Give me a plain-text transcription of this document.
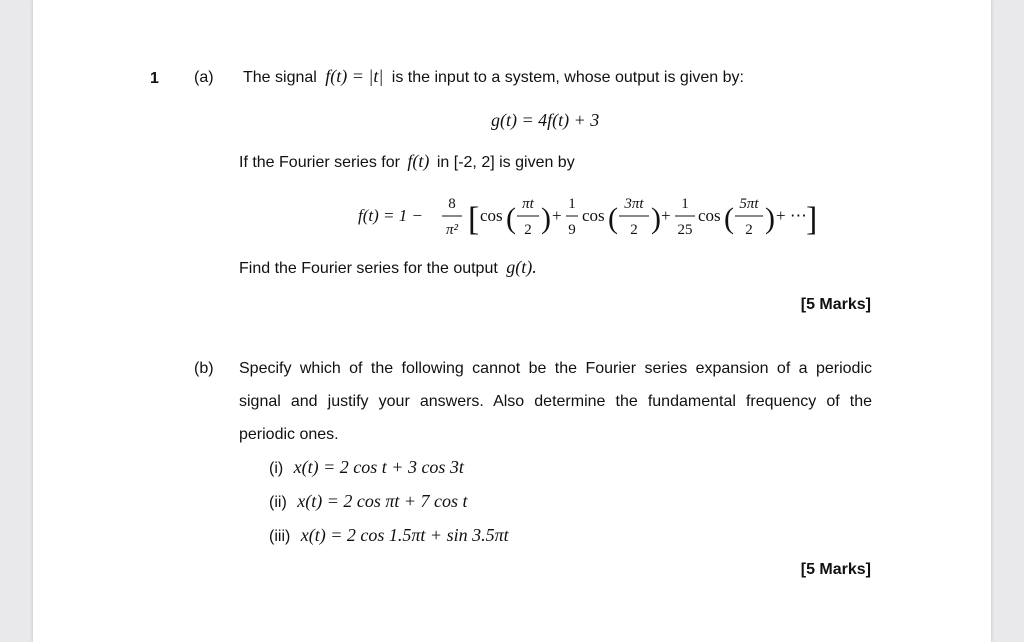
1 (a) The signal f(t) = |t| is the input to a system, whose output is given by:
g(t) = 4f(t) + 3
If the Fourier series for f(t) in [-2, 2] is given by
f(t) = 1 −
8
π² [ cos ( πt
2 ) +
1
9
cos ( 3πt
2 ) +
1
25
cos ( 5πt
2 ) + ⋯ ]
Find the Fourier series for the output g(t).
[5 Marks]
(b) Specify which of the following cannot be the Fourier series expansion of a periodic
signal and justify your answers. Also determine the fundamental frequency of the
periodic ones.
(i) x(t) = 2 cos t + 3 cos 3t
(ii) x(t) = 2 cos πt + 7 cos t
(iii) x(t) = 2 cos 1.5πt + sin 3.5πt
[5 Marks]
